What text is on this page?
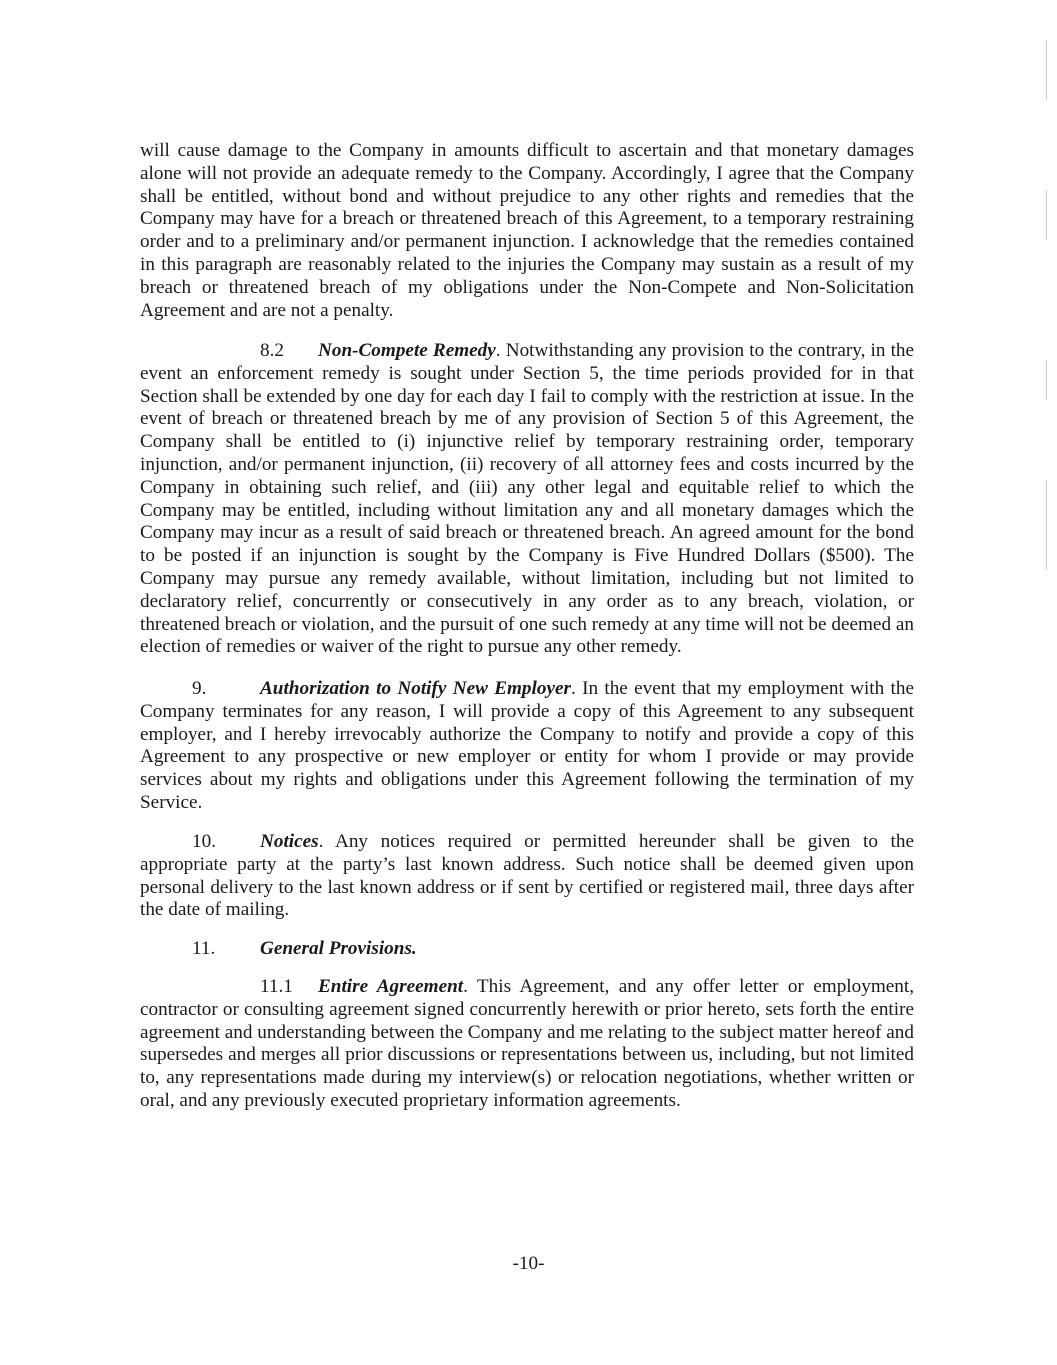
will cause damage to the Company in amounts difficult to ascertain and that monetary damages alone will not provide an adequate remedy to the Company. Accordingly, I agree that the Company shall be entitled, without bond and without prejudice to any other rights and remedies that the Company may have for a breach or threatened breach of this Agreement, to a temporary restraining order and to a preliminary and/or permanent injunction. I acknowledge that the remedies contained in this paragraph are reasonably related to the injuries the Company may sustain as a result of my breach or threatened breach of my obligations under the Non-Compete and Non-Solicitation Agreement and are not a penalty.

8.2 Non-Compete Remedy. Notwithstanding any provision to the contrary, in the event an enforcement remedy is sought under Section 5, the time periods provided for in that Section shall be extended by one day for each day I fail to comply with the restriction at issue. In the event of breach or threatened breach by me of any provision of Section 5 of this Agreement, the Company shall be entitled to (i) injunctive relief by temporary restraining order, temporary injunction, and/or permanent injunction, (ii) recovery of all attorney fees and costs incurred by the Company in obtaining such relief, and (iii) any other legal and equitable relief to which the Company may be entitled, including without limitation any and all monetary damages which the Company may incur as a result of said breach or threatened breach. An agreed amount for the bond to be posted if an injunction is sought by the Company is Five Hundred Dollars ($500). The Company may pursue any remedy available, without limitation, including but not limited to declaratory relief, concurrently or consecutively in any order as to any breach, violation, or threatened breach or violation, and the pursuit of one such remedy at any time will not be deemed an election of remedies or waiver of the right to pursue any other remedy.

9.	Authorization to Notify New Employer. In the event that my employment with the Company terminates for any reason, I will provide a copy of this Agreement to any subsequent employer, and I hereby irrevocably authorize the Company to notify and provide a copy of this Agreement to any prospective or new employer or entity for whom I provide or may provide services about my rights and obligations under this Agreement following the termination of my Service.

10. Notices. Any notices required or permitted hereunder shall be given to the appropriate party at the party’s last known address. Such notice shall be deemed given upon personal delivery to the last known address or if sent by certified or registered mail, three days after the date of mailing.

11. General Provisions.

11.1 Entire Agreement. This Agreement, and any offer letter or employment, contractor or consulting agreement signed concurrently herewith or prior hereto, sets forth the entire agreement and understanding between the Company and me relating to the subject matter hereof and supersedes and merges all prior discussions or representations between us, including, but not limited to, any representations made during my interview(s) or relocation negotiations, whether written or oral, and any previously executed proprietary information agreements.

-10-
